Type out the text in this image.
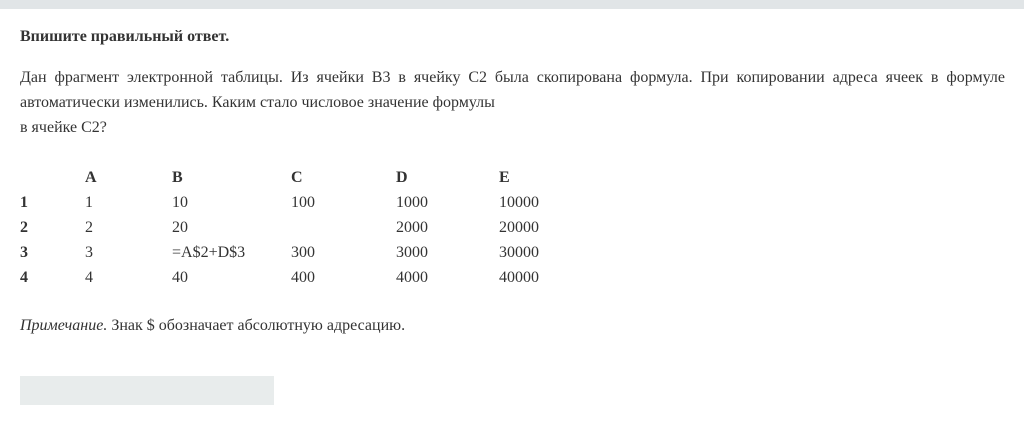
Впишите правильный ответ.
Дан фрагмент электронной таблицы. Из ячейки B3 в ячейку C2 была скопирована формула. При копировании адреса ячеек в формуле автоматически изменились. Каким стало числовое значение формулы
в ячейке C2?
	A	B	C	D	E
1	1	10	100	1000	10000
2	2	20		2000	20000
3	3	=A$2+D$3	300	3000	30000
4	4	40	400	4000	40000
Примечание. Знак $ обозначает абсолютную адресацию.
